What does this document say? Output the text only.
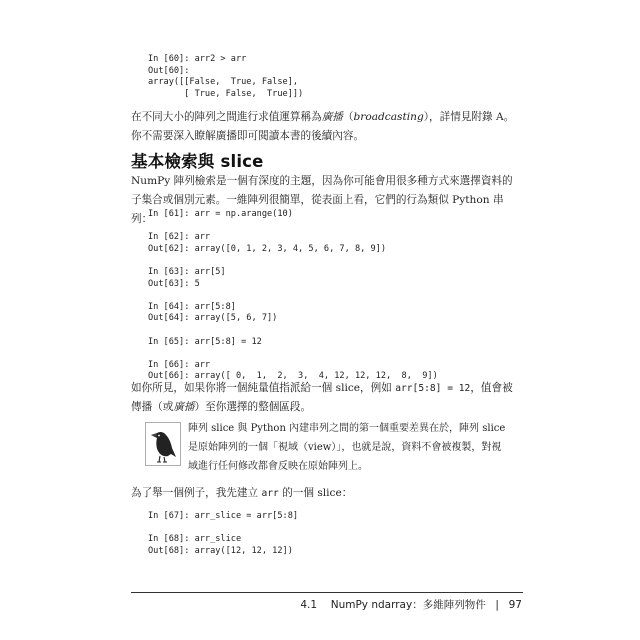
In [60]: arr2 > arr
Out[60]:
array([[False,  True, False],
[ True, False,  True]])

在不同大小的陣列之間進行求值運算稱為廣播（broadcasting），詳情見附錄 A。你不需要深入瞭解廣播即可閱讀本書的後續內容。

基本檢索與 slice

NumPy 陣列檢索是一個有深度的主題，因為你可能會用很多種方式來選擇資料的子集合或個別元素。一維陣列很簡單，從表面上看，它們的行為類似 Python 串列：

In [61]: arr = np.arange(10)

In [62]: arr
Out[62]: array([0, 1, 2, 3, 4, 5, 6, 7, 8, 9])

In [63]: arr[5]
Out[63]: 5

In [64]: arr[5:8]
Out[64]: array([5, 6, 7])

In [65]: arr[5:8] = 12

In [66]: arr
Out[66]: array([ 0,  1,  2,  3,  4, 12, 12, 12,  8,  9])

如你所見，如果你將一個純量值指派給一個 slice，例如 arr[5:8] = 12，值會被傳播（或廣播）至你選擇的整個區段。

陣列 slice 與 Python 內建串列之間的第一個重要差異在於，陣列 slice 是原始陣列的一個「視域（view）」，也就是說，資料不會被複製，對視域進行任何修改都會反映在原始陣列上。

為了舉一個例子，我先建立 arr 的一個 slice：

In [67]: arr_slice = arr[5:8]

In [68]: arr_slice
Out[68]: array([12, 12, 12])
4.1 NumPy ndarray：多維陣列物件 | 97
